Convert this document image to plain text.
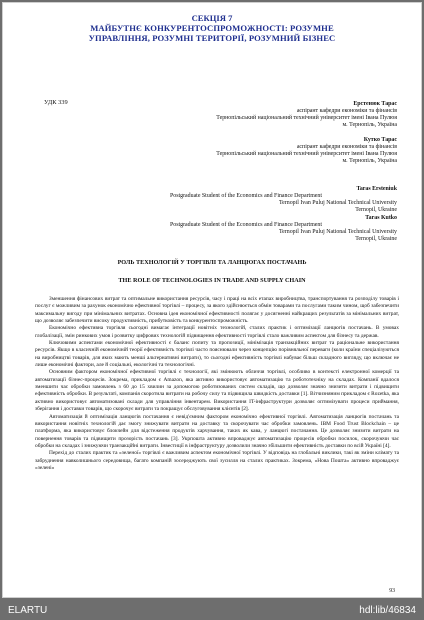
СЕКЦІЯ 7
МАЙБУТНЄ КОНКУРЕНТОСПРОМОЖНОСТІ: РОЗУМНЕ
УПРАВЛІННЯ, РОЗУМНІ ТЕРИТОРІЇ, РОЗУМНИЙ БІЗНЕС
УДК 339	Ерстенюк Тарас
аспірант кафедри економіки та фінансів
Тернопільський національний технічний університет імені Івана Пулюя
м. Тернопіль, Україна
Кутко Тарас
аспірант кафедри економіки та фінансів
Тернопільський національний технічний університет імені Івана Пулюя
м. Тернопіль, Україна
Taras Erstenіuk
Postgraduate Student of the Economics and Finance Department
Ternopil Ivan Puluj National Technical University
Ternopil, Ukraine
Taras Kutko
Postgraduate Student of the Economics and Finance Department
Ternopil Ivan Puluj National Technical University
Ternopil, Ukraine
РОЛЬ ТЕХНОЛОГІЙ У ТОРГІВЛІ ТА ЛАНЦЮГАХ ПОСТАЧАНЬ
THE ROLE OF TECHNOLOGIES IN TRADE AND SUPPLY CHAIN

Зменшення фінансових витрат та оптимальне використання ресурсів, часу і праці на всіх етапах виробництва, транспортування та розподілу товарів і послуг є можливим за рахунок економічно ефективної торгівлі – процесу, за якого здійснюється обмін товарами та послугами таким чином, щоб забезпечити максимальну вигоду при мінімальних витратах. Основна ідея економічної ефективності полягає у досягненні найкращих результатів за мінімальних витрат, що дозволяє забезпечити високу продуктивність, прибутковість та конкурентоспроможність.

Економічно ефективна торгівля сьогодні вимагає інтеграції новітніх технологій, сталих практик і оптимізації ланцюгів постачань. В умовах глобалізації, змін ринкових умов і розвитку цифрових технологій підвищення ефективності торгівлі стало важливим аспектом для бізнесу та держав.

Ключовими аспектами економічної ефективності є баланс попиту та пропозиції, мінімізація транзакційних витрат та раціональне використання ресурсів. Якщо в класичній економічній теорії ефективність торгівлі часто пояснювали через концепцію порівняльної переваги (коли країни спеціалізуються на виробництві товарів, для яких мають менші альтернативні витрати), то сьогодні ефективність торгівлі набуває більш складного вигляду, що включає не лише економічні фактори, але й соціальні, екологічні та технологічні.

Основним фактором економічної ефективної торгівлі є технології, які змінюють обличчя торгівлі, особливо в контексті електронної комерції та автоматизації бізнес-процесів. Зокрема, прикладом є Amazon, яка активно використовує автоматизацію та робототехніку на складах. Компанії вдалося зменшити час обробки замовлень з 60 до 15 хвилин за допомогою роботизованих систем складів, що дозволяє значно знизити витрати і підвищити ефективність обробки. В результаті, компанія скоротила витрати на робочу силу та підвищила швидкість доставки [1]. Вітчизняним прикладом є Rozetka, яка активно використовує автоматизовані склади для управління інвентарем. Використання IT-інфраструктури дозволяє оптимізувати процеси приймання, зберігання і доставки товарів, що скорочує витрати та покращує обслуговування клієнтів [2].

Автоматизація й оптимізація ланцюгів постачання є невід'ємним фактором економічно ефективної торгівлі. Автоматизація ланцюгів постачань та використання новітніх технологій дає змогу знижувати витрати на доставку та скорочувати час обробки замовлень. IBM Food Trust Blockchain – це платформа, яка використовує блокчейн для відстеження продуктів харчування, таких як кава, у ланцюгі постачання. Це дозволяє знизити витрати на повернення товарів та підвищити прозорість постачань [3]. Укрпошта активно впроваджує автоматизацію процесів обробки посилок, скорочуючи час обробки на складах і знижуючи транзакційні витрати. Інвестиції в інфраструктуру дозволили значно збільшити ефективність доставки по всій Україні [4].

Перехід до сталих практик та «зеленої» торгівлі є важливим аспектом економічної торгівлі. У відповідь на глобальні виклики, такі як зміни клімату та забруднення навколишнього середовища, багато компаній зосереджують свої зусилля на сталих практиках. Зокрема, «Нова Пошта» активно впроваджує «зелені»

93
ELARTU	hdl:lib/46834
